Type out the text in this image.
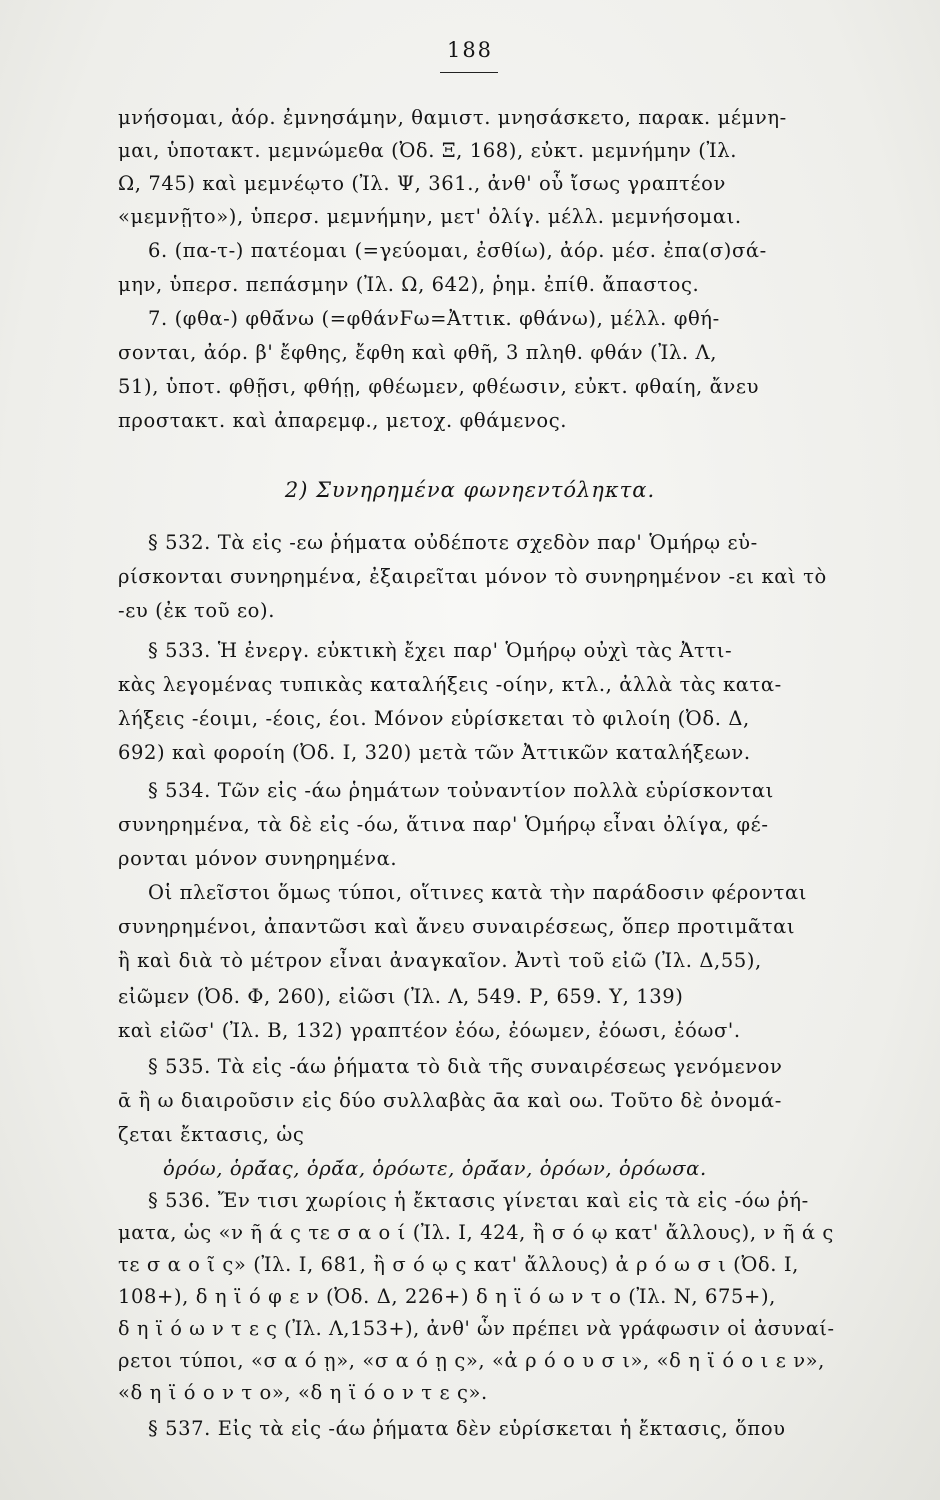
188
μνήσομαι, ἀόρ. ἐμνησάμην, θαμιστ. μνησάσκετο, παρακ. μέμνη-
μαι, ὑποτακτ. μεμνώμεθα (Ὀδ. Ξ, 168), εὐκτ. μεμνήμην (Ἰλ.
Ω, 745) καὶ μεμνέῳτο (Ἰλ. Ψ, 361., ἀνθ' οὗ ἴσως γραπτέον
«μεμνῇτο»), ὑπερσ. μεμνήμην, μετ' ὀλίγ. μέλλ. μεμνήσομαι.
6. (πα-τ-) πατέομαι (=γεύομαι, ἐσθίω), ἀόρ. μέσ. ἐπα(σ)σά-
μην, ὑπερσ. πεπάσμην (Ἰλ. Ω, 642), ῥημ. ἐπίθ. ἄπαστος.
7. (φθα-) φθᾱ́νω (=φθάνϜω=Ἀττικ. φθάνω), μέλλ. φθή-
σονται, ἀόρ. β' ἔφθης, ἔφθη καὶ φθῆ, 3 πληθ. φθάν (Ἰλ. Λ,
51), ὑποτ. φθῇσι, φθήῃ, φθέωμεν, φθέωσιν, εὐκτ. φθαίη, ἄνευ
προστακτ. καὶ ἀπαρεμφ., μετοχ. φθάμενος.
2) Συνηρημένα φωνηεντόληκτα.
§ 532. Τὰ εἰς -εω ῥήματα οὐδέποτε σχεδὸν παρ' Ὁμήρῳ εὑ-
ρίσκονται συνηρημένα, ἐξαιρεῖται μόνον τὸ συνηρημένον -ει καὶ τὸ
-ευ (ἐκ τοῦ εο).
§ 533. Ἡ ἐνεργ. εὐκτικὴ ἔχει παρ' Ὁμήρῳ οὐχὶ τὰς Ἀττι-
κὰς λεγομένας τυπικὰς καταλήξεις -οίην, κτλ., ἀλλὰ τὰς κατα-
λήξεις -έοιμι, -έοις, έοι. Μόνον εὑρίσκεται τὸ φιλοίη (Ὀδ. Δ,
692) καὶ φοροίη (Ὀδ. Ι, 320) μετὰ τῶν Ἀττικῶν καταλήξεων.
§ 534. Τῶν εἰς -άω ῥημάτων τοὐναντίον πολλὰ εὑρίσκονται
συνηρημένα, τὰ δὲ εἰς -όω, ἅτινα παρ' Ὁμήρῳ εἶναι ὀλίγα, φέ-
ρονται μόνον συνηρημένα.
Οἱ πλεῖστοι ὅμως τύποι, οἵτινες κατὰ τὴν παράδοσιν φέρονται
συνηρημένοι, ἀπαντῶσι καὶ ἄνευ συναιρέσεως, ὅπερ προτιμᾶται
ἢ καὶ διὰ τὸ μέτρον εἶναι ἀναγκαῖον. Ἀντὶ τοῦ εἰῶ (Ἰλ. Δ,55),
εἰῶμεν (Ὀδ. Φ, 260), εἰῶσι (Ἰλ. Λ, 549. Ρ, 659. Υ, 139)
καὶ εἰῶσ' (Ἰλ. Β, 132) γραπτέον ἐόω, ἐόωμεν, ἐόωσι, ἐόωσ'.
§ 535. Τὰ εἰς -άω ῥήματα τὸ διὰ τῆς συναιρέσεως γενόμενον
ᾱ ἢ ω διαιροῦσιν εἰς δύο συλλαβὰς ᾱα καὶ οω. Τοῦτο δὲ ὀνομά-
ζεται ἔκτασις, ὡς
ὁρόω, ὁρᾱ́ας, ὁρᾱ́α, ὁρόωτε, ὁρᾱ́αν, ὁρόων, ὁρόωσα.
§ 536. Ἔν τισι χωρίοις ἡ ἔκτασις γίνεται καὶ εἰς τὰ εἰς -όω ῥή-
ματα, ὡς «ν ῆ ά ς τε σ α ο ί (Ἰλ. Ι, 424, ἢ σ ό ῳ κατ' ἄλλους), ν ῆ ά ς
τε σ α ο ῖ ς» (Ἰλ. Ι, 681, ἢ σ ό ῳ ς κατ' ἄλλους) ἀ ρ ό ω σ ι (Ὀδ. Ι,
108+), δ η ϊ ό φ ε ν (Ὀδ. Δ, 226+) δ η ϊ ό ω ν τ ο (Ἰλ. Ν, 675+),
δ η ϊ ό ω ν τ ε ς (Ἰλ. Λ,153+), ἀνθ' ὧν πρέπει νὰ γράφωσιν οἱ ἀσυναί-
ρετοι τύποι, «σ α ό ῃ», «σ α ό ῃ ς», «ἀ ρ ό ο υ σ ι», «δ η ϊ ό ο ι ε ν»,
«δ η ϊ ό ο ν τ ο», «δ η ϊ ό ο ν τ ε ς».
§ 537. Εἰς τὰ εἰς -άω ῥήματα δὲν εὑρίσκεται ἡ ἔκτασις, ὅπου
